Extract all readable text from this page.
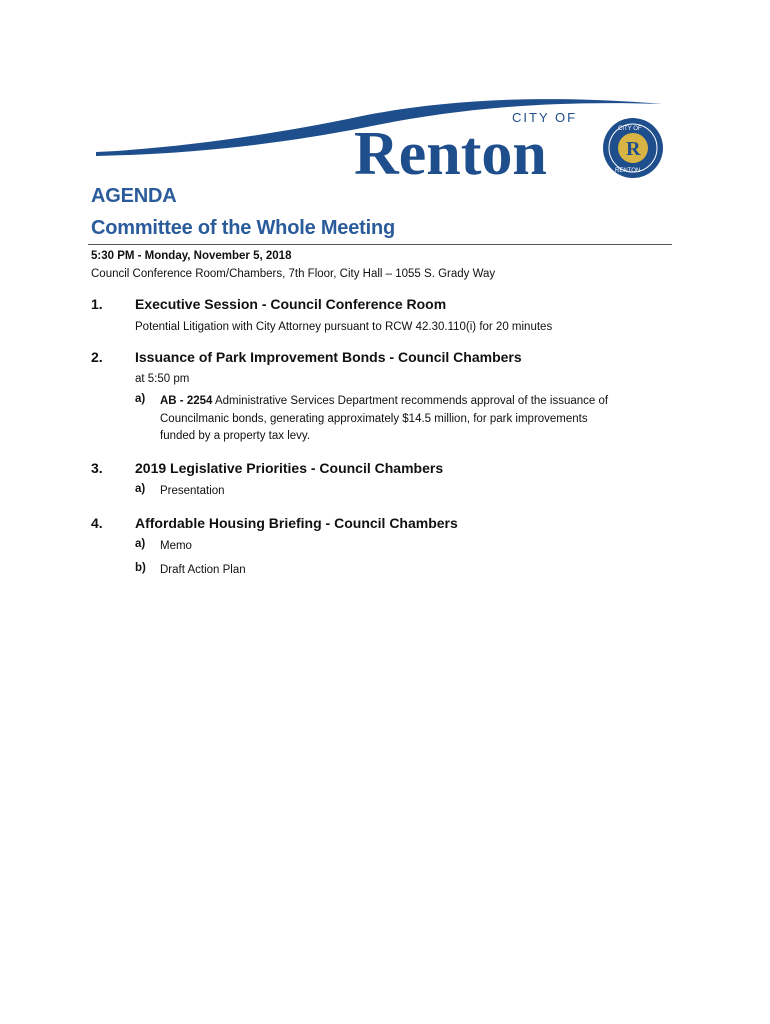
CITY OF
Renton	R
CITY OF
RENTON
AGENDA
Committee of the Whole Meeting
5:30 PM - Monday, November 5, 2018
Council Conference Room/Chambers, 7th Floor, City Hall – 1055 S. Grady Way
1. Executive Session - Council Conference Room
Potential Litigation with City Attorney pursuant to RCW 42.30.110(i) for 20 minutes
2. Issuance of Park Improvement Bonds - Council Chambers
at 5:50 pm
a) AB - 2254 Administrative Services Department recommends approval of the issuance of
Councilmanic bonds, generating approximately $14.5 million, for park improvements
funded by a property tax levy.
3. 2019 Legislative Priorities - Council Chambers
a) Presentation
4. Affordable Housing Briefing - Council Chambers
a) Memo
b) Draft Action Plan
